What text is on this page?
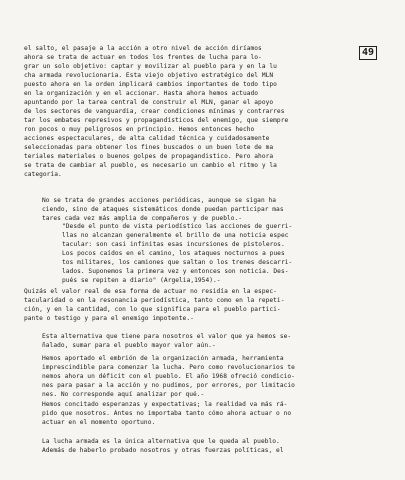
49
el salto, el pasaje a la acción a otro nivel de acción diríamos
ahora se trata de actuar en todos los frentes de lucha para lo-
grar un solo objetivo: captar y movilizar al pueblo para y en la lu
cha armada revolucionaria. Esta viejo objetivo estratégico del MLN
puesto ahora en la orden implicará cambios importantes de todo tipo
en la organización y en el accionar. Hasta ahora hemos actuado
apuntando por la tarea central de construir el MLN, ganar el apoyo
de los sectores de vanguardia, crear condiciones mínimas y contrarres
tar los embates represivos y propagandísticos del enemigo, que siempre
ron pocos o muy peligrosos en principio. Hemos entonces hecho
acciones espectaculares, de alta calidad técnica y cuidadosamente
seleccionadas para obtener los fines buscados o un buen lote de ma
teriales materiales o buenos golpes de propagandistico. Pero ahora
se trata de cambiar al pueblo, es necesario un cambio el ritmo y la
categoría.
No se trata de grandes acciones periódicas, aunque se sigan ha
ciendo, sino de ataques sistemáticos donde puedan participar mas
tares cada vez más amplia de compañeros y de pueblo.-
"Desde el punto de vista periodístico las acciones de guerri-
llas no alcanzan generalmente el brillo de una noticia espec
tacular: son casi infinitas esas incursiones de pistoleros.
Los pocos caídos en el camino, los ataques nocturnos a pues
tos militares, los camiones que saltan o los trenes descarri-
lados. Suponemos la primera vez y entonces son noticia. Des-
pués se repiten a diario" (Argelia,1954).-
Quizás el valor real de esa forma de actuar no residía en la espec-
tacularidad o en la resonancia periodística, tanto como en la repeti-
ción, y en la cantidad, con lo que significa para el pueblo partici-
pante o testigo y para el enemigo impotente.-
Esta alternativa que tiene para nosotros el valor que ya hemos se-
ñalado, sumar para el pueblo mayor valor aún.-
Hemos aportado el embrión de la organización armada, herramienta
imprescindible para comenzar la lucha. Pero como revolucionarios te
nemos ahora un déficit con el pueblo. El año 1968 ofreció condicio-
nes para pasar a la acción y no pudimos, por errores, por limitacio
nes. No corresponde aquí analizar por qué.-
Hemos concitado esperanzas y expectativas; la realidad va más rá-
pido que nosotros. Antes no importaba tanto cómo ahora actuar o no
actuar en el momento oportuno.
La lucha armada es la única alternativa que le queda al pueblo.
Además de haberlo probado nosotros y otras fuerzas políticas, el
